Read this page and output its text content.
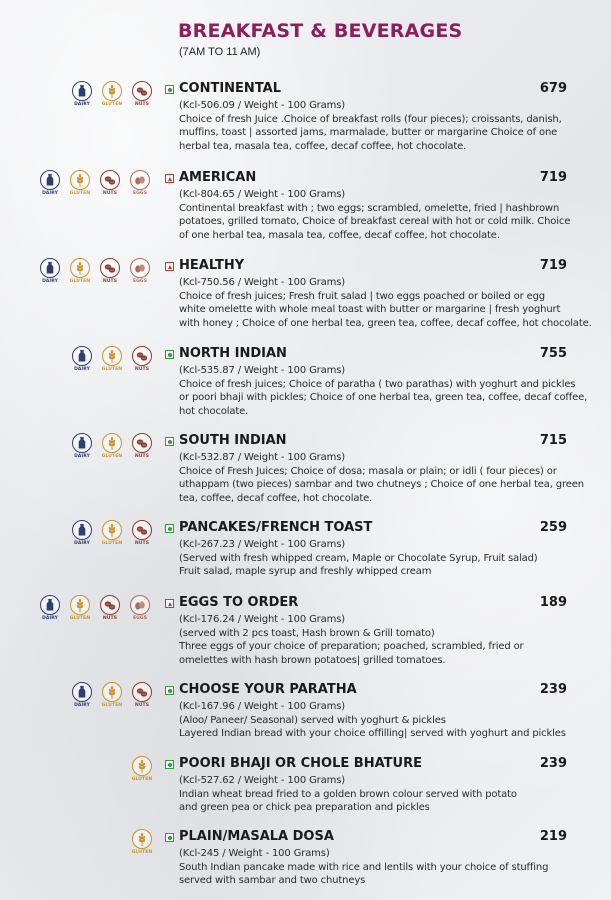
BREAKFAST & BEVERAGES
(7AM TO 11 AM)
DAIRY	GLUTEN	NUTS
CONTINENTAL	679
(Kcl-506.09 / Weight - 100 Grams)
Choice of fresh Juice .Choice of breakfast rolls (four pieces); croissants, danish,
muffins, toast | assorted jams, marmalade, butter or margarine Choice of one
herbal tea, masala tea, coffee, decaf coffee, hot chocolate.
DAIRY	GLUTEN	NUTS	EGGS
AMERICAN	719
(Kcl-804.65 / Weight - 100 Grams)
Continental breakfast with ; two eggs; scrambled, omelette, fried | hashbrown
potatoes, grilled tomato, Choice of breakfast cereal with hot or cold milk. Choice
of one herbal tea, masala tea, coffee, decaf coffee, hot chocolate.
DAIRY	GLUTEN	NUTS	EGGS
HEALTHY	719
(Kcl-750.56 / Weight - 100 Grams)
Choice of fresh juices; Fresh fruit salad | two eggs poached or boiled or egg
white omelette with whole meal toast with butter or margarine | fresh yoghurt
with honey ; Choice of one herbal tea, green tea, coffee, decaf coffee, hot chocolate.
DAIRY	GLUTEN	NUTS
NORTH INDIAN	755
(Kcl-535.87 / Weight - 100 Grams)
Choice of fresh juices; Choice of paratha ( two parathas) with yoghurt and pickles
or poori bhaji with pickles; Choice of one herbal tea, green tea, coffee, decaf coffee,
hot chocolate.
DAIRY	GLUTEN	NUTS
SOUTH INDIAN	715
(Kcl-532.87 / Weight - 100 Grams)
Choice of Fresh Juices; Choice of dosa; masala or plain; or idli ( four pieces) or
uthappam (two pieces) sambar and two chutneys ; Choice of one herbal tea, green
tea, coffee, decaf coffee, hot chocolate.
DAIRY	GLUTEN	NUTS
PANCAKES/FRENCH TOAST	259
(Kcl-267.23 / Weight - 100 Grams)
(Served with fresh whipped cream, Maple or Chocolate Syrup, Fruit salad)
Fruit salad, maple syrup and freshly whipped cream
DAIRY	GLUTEN	NUTS	EGGS
EGGS TO ORDER	189
(Kcl-176.24 / Weight - 100 Grams)
(served with 2 pcs toast, Hash brown & Grill tomato)
Three eggs of your choice of preparation; poached, scrambled, fried or
omelettes with hash brown potatoes| grilled tomatoes.
DAIRY	GLUTEN	NUTS
CHOOSE YOUR PARATHA	239
(Kcl-167.96 / Weight - 100 Grams)
(Aloo/ Paneer/ Seasonal) served with yoghurt & pickles
Layered Indian bread with your choice offilling| served with yoghurt and pickles
GLUTEN
POORI BHAJI OR CHOLE BHATURE	239
(Kcl-527.62 / Weight - 100 Grams)
Indian wheat bread fried to a golden brown colour served with potato
and green pea or chick pea preparation and pickles
GLUTEN
PLAIN/MASALA DOSA	219
(Kcl-245 / Weight - 100 Grams)
South Indian pancake made with rice and lentils with your choice of stuffing
served with sambar and two chutneys
